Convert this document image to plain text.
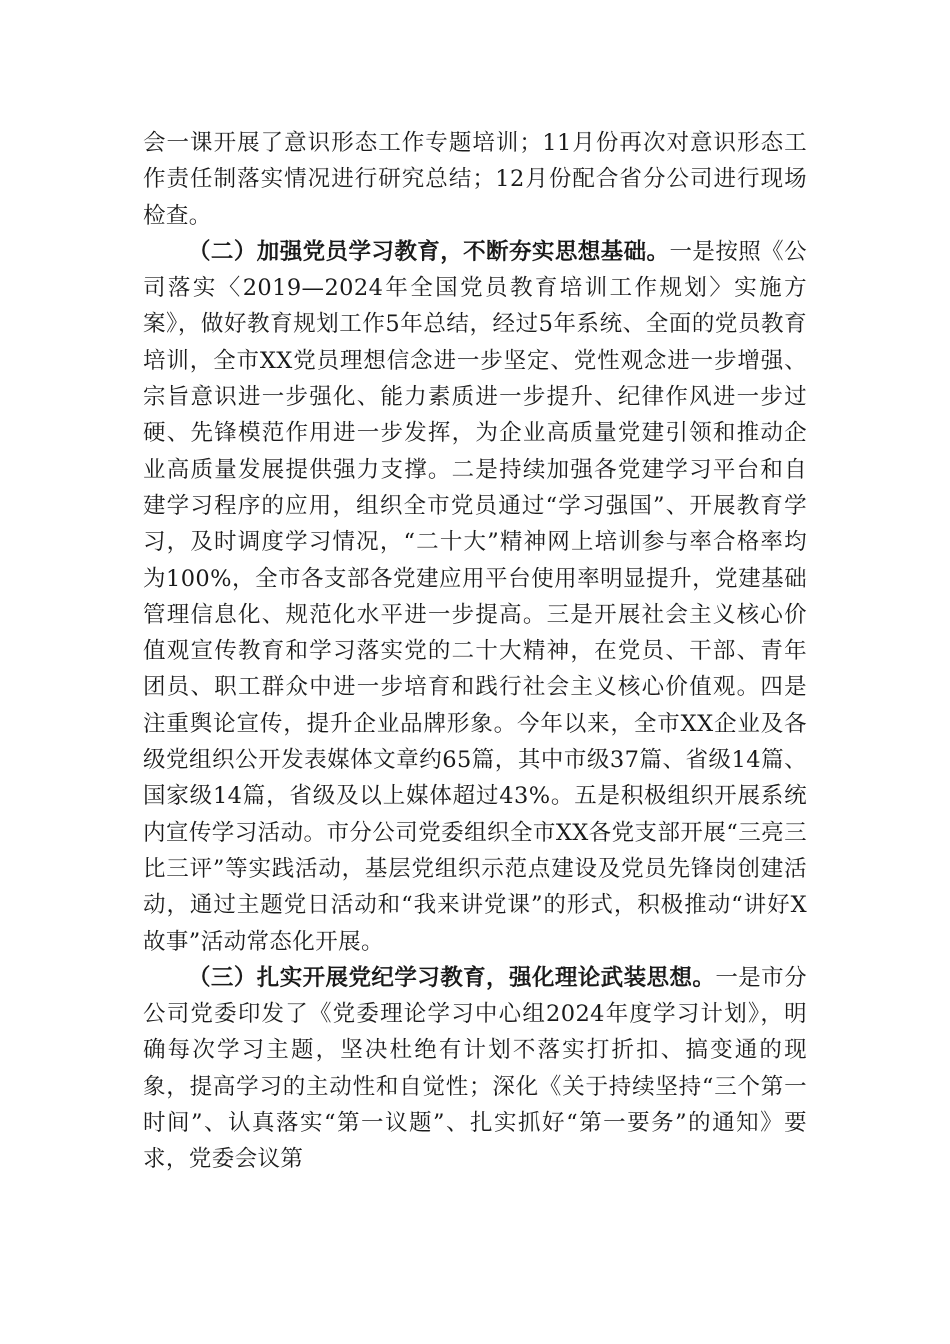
会一课开展了意识形态工作专题培训；11月份再次对意识形态工作责任制落实情况进行研究总结；12月份配合省分公司进行现场检查。

（二）加强党员学习教育，不断夯实思想基础。一是按照《公司落实〈2019—2024年全国党员教育培训工作规划〉实施方案》，做好教育规划工作5年总结，经过5年系统、全面的党员教育培训，全市XX党员理想信念进一步坚定、党性观念进一步增强、宗旨意识进一步强化、能力素质进一步提升、纪律作风进一步过硬、先锋模范作用进一步发挥，为企业高质量党建引领和推动企业高质量发展提供强力支撑。二是持续加强各党建学习平台和自建学习程序的应用，组织全市党员通过“学习强国”、开展教育学习，及时调度学习情况，“二十大”精神网上培训参与率合格率均为100%，全市各支部各党建应用平台使用率明显提升，党建基础管理信息化、规范化水平进一步提高。三是开展社会主义核心价值观宣传教育和学习落实党的二十大精神，在党员、干部、青年团员、职工群众中进一步培育和践行社会主义核心价值观。四是注重舆论宣传，提升企业品牌形象。今年以来，全市XX企业及各级党组织公开发表媒体文章约65篇，其中市级37篇、省级14篇、国家级14篇，省级及以上媒体超过43%。五是积极组织开展系统内宣传学习活动。市分公司党委组织全市XX各党支部开展“三亮三比三评”等实践活动，基层党组织示范点建设及党员先锋岗创建活动，通过主题党日活动和“我来讲党课”的形式，积极推动“讲好X故事”活动常态化开展。

（三）扎实开展党纪学习教育，强化理论武装思想。一是市分公司党委印发了《党委理论学习中心组2024年度学习计划》，明确每次学习主题，坚决杜绝有计划不落实打折扣、搞变通的现象，提高学习的主动性和自觉性；深化《关于持续坚持“三个第一时间”、认真落实“第一议题”、扎实抓好“第一要务”的通知》要求，党委会议第
